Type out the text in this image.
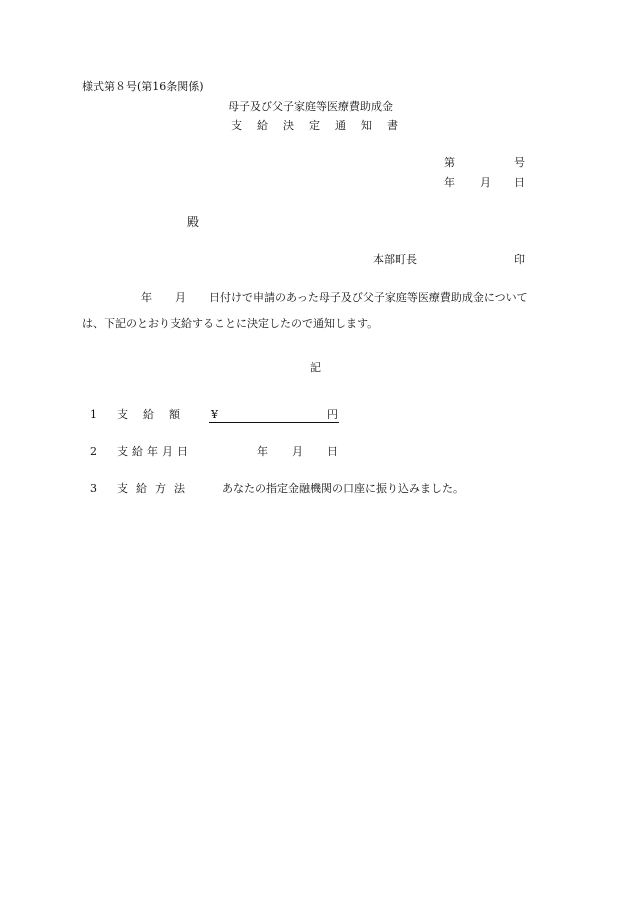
様式第８号(第16条関係)
母子及び父子家庭等医療費助成金
支給決定通知書
第	号
年 月 日
殿
本部町長	印
年 月 日付けで申請のあった母子及び父子家庭等医療費助成金について
は、下記のとおり支給することに決定したので通知します。
記
1 支給額 ¥	円
2 支給年月日	年 月 日
3 支給方法	あなたの指定金融機関の口座に振り込みました。
